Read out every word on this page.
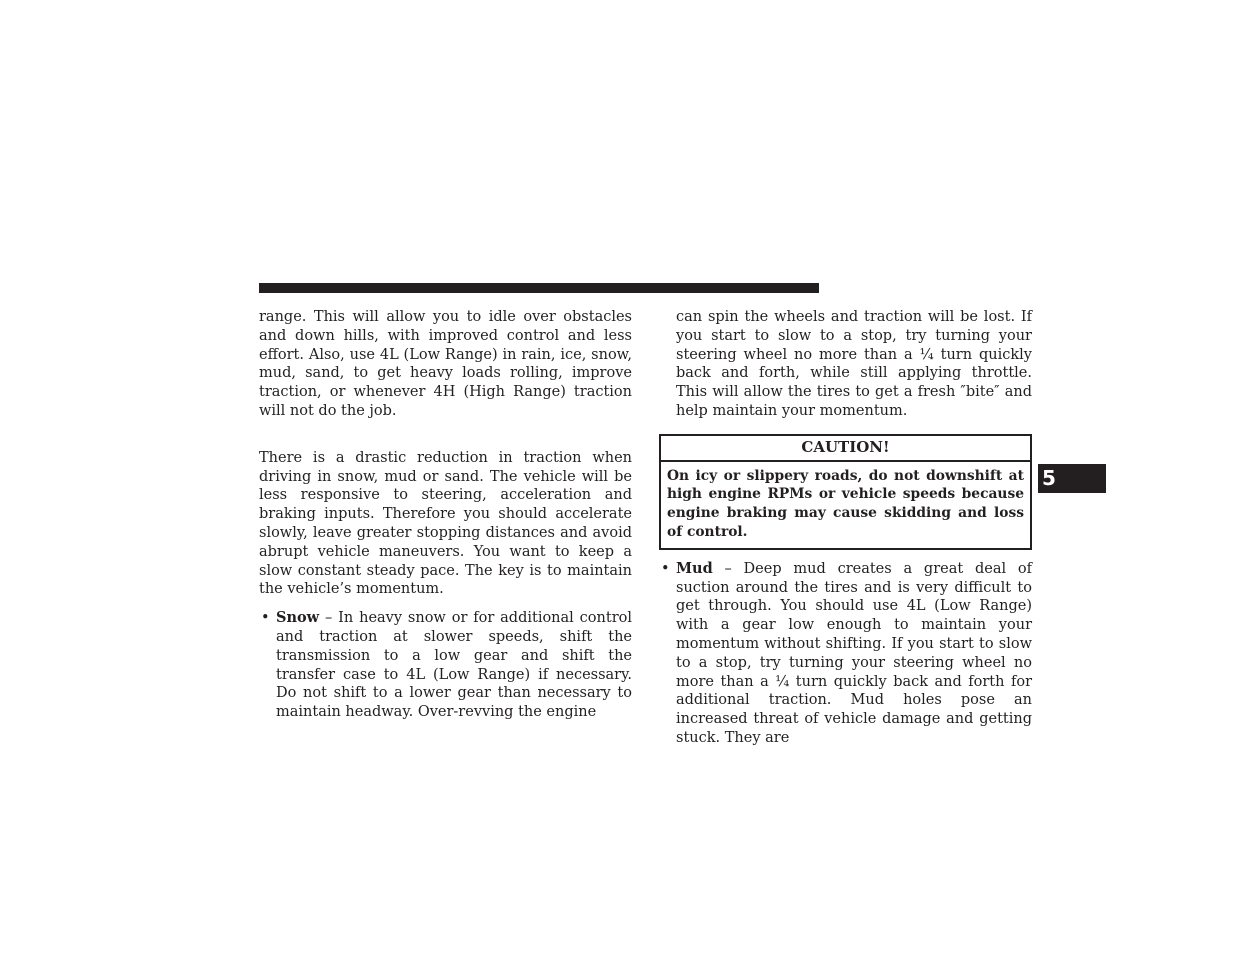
range. This will allow you to idle over obstacles and down hills, with improved control and less effort. Also, use 4L (Low Range) in rain, ice, snow, mud, sand, to get heavy loads rolling, improve traction, or whenever 4H (High Range) traction will not do the job.

There is a drastic reduction in traction when driving in snow, mud or sand. The vehicle will be less responsive to steering, acceleration and braking inputs. Therefore you should accelerate slowly, leave greater stopping distances and avoid abrupt vehicle maneuvers. You want to keep a slow constant steady pace. The key is to maintain the vehicle’s momentum.

• Snow – In heavy snow or for additional control and traction at slower speeds, shift the transmission to a low gear and shift the transfer case to 4L (Low Range) if necessary. Do not shift to a lower gear than necessary to maintain headway. Over-revving the engine

can spin the wheels and traction will be lost. If you start to slow to a stop, try turning your steering wheel no more than a ¼ turn quickly back and forth, while still applying throttle. This will allow the tires to get a fresh ″bite″ and help maintain your momentum.

CAUTION!
On icy or slippery roads, do not downshift at high engine RPMs or vehicle speeds because engine braking may cause skidding and loss of control.
• Mud – Deep mud creates a great deal of suction around the tires and is very difficult to get through. You should use 4L (Low Range) with a gear low enough to maintain your momentum without shifting. If you start to slow to a stop, try turning your steering wheel no more than a ¼ turn quickly back and forth for additional traction. Mud holes pose an increased threat of vehicle damage and getting stuck. They are
5
